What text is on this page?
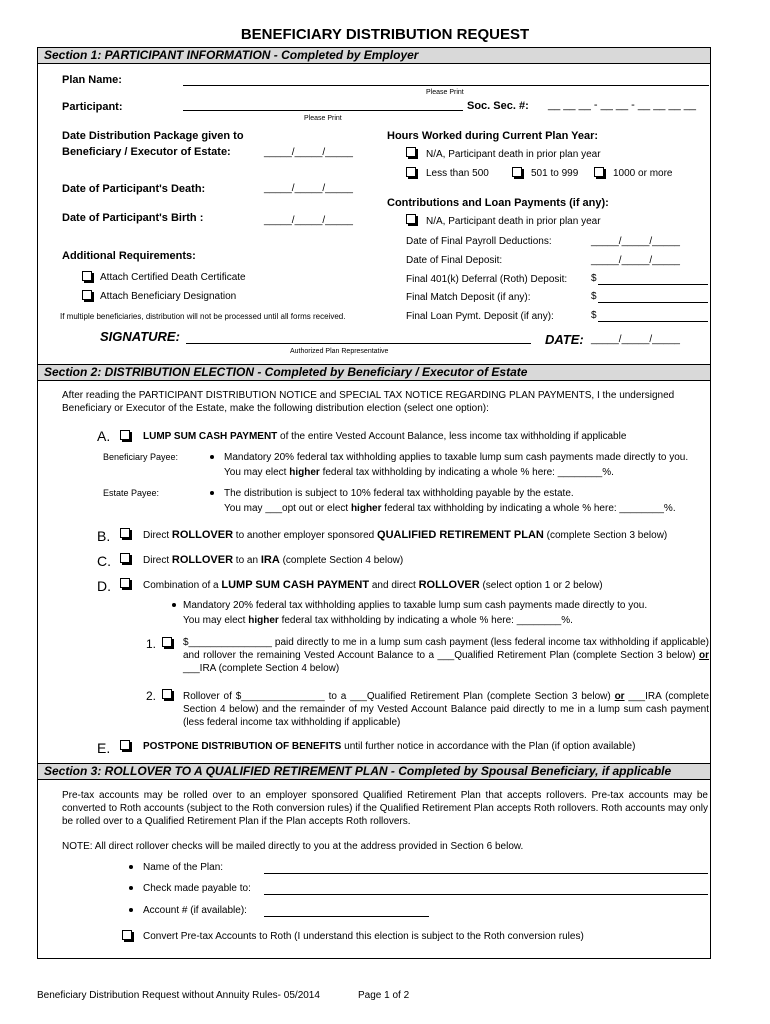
BENEFICIARY DISTRIBUTION REQUEST
Section 1: PARTICIPANT INFORMATION - Completed by Employer
Plan Name:
Please Print
Participant:	Soc. Sec. #: __ __ __ - __ __ - __ __ __ __
Please Print
Date Distribution Package given to
Beneficiary / Executor of Estate:	_____/_____/_____
Date of Participant's Death:	_____/_____/_____
Date of Participant's Birth :	_____/_____/_____
Additional Requirements:
Attach Certified Death Certificate
Attach Beneficiary Designation
If multiple beneficiaries, distribution will not be processed until all forms received.
Hours Worked during Current Plan Year:
N/A, Participant death in prior plan year
Less than 500	501 to 999	1000 or more
Contributions and Loan Payments (if any):
N/A, Participant death in prior plan year
Date of Final Payroll Deductions:	_____/_____/_____
Date of Final Deposit:	_____/_____/_____
Final 401(k) Deferral (Roth) Deposit: $
Final Match Deposit (if any):	$
Final Loan Pymt. Deposit (if any):	$
SIGNATURE:
Authorized Plan Representative
DATE: _____/_____/_____
Section 2: DISTRIBUTION ELECTION - Completed by Beneficiary / Executor of Estate
After reading the PARTICIPANT DISTRIBUTION NOTICE and SPECIAL TAX NOTICE REGARDING PLAN PAYMENTS, I the undersigned Beneficiary or Executor of the Estate, make the following distribution election (select one option):
A.	LUMP SUM CASH PAYMENT of the entire Vested Account Balance, less income tax withholding if applicable
Beneficiary Payee:	Mandatory 20% federal tax withholding applies to taxable lump sum cash payments made directly to you.
You may elect higher federal tax withholding by indicating a whole % here: ________%.
Estate Payee:	The distribution is subject to 10% federal tax withholding payable by the estate.
You may ___opt out or elect higher federal tax withholding by indicating a whole % here: ________%.
B.	Direct ROLLOVER to another employer sponsored QUALIFIED RETIREMENT PLAN (complete Section 3 below)
C.	Direct ROLLOVER to an IRA (complete Section 4 below)
D.	Combination of a LUMP SUM CASH PAYMENT and direct ROLLOVER (select option 1 or 2 below)
Mandatory 20% federal tax withholding applies to taxable lump sum cash payments made directly to you.
You may elect higher federal tax withholding by indicating a whole % here: ________%.
1.	$_______________ paid directly to me in a lump sum cash payment (less federal income tax withholding if applicable) and rollover the remaining Vested Account Balance to a ___Qualified Retirement Plan (complete Section 3 below) or ___IRA (complete Section 4 below)
2.	Rollover of $_______________ to a ___Qualified Retirement Plan (complete Section 3 below) or ___IRA (complete Section 4 below) and the remainder of my Vested Account Balance paid directly to me in a lump sum cash payment (less federal income tax withholding if applicable)
E.	POSTPONE DISTRIBUTION OF BENEFITS until further notice in accordance with the Plan (if option available)
Section 3: ROLLOVER TO A QUALIFIED RETIREMENT PLAN - Completed by Spousal Beneficiary, if applicable
Pre-tax accounts may be rolled over to an employer sponsored Qualified Retirement Plan that accepts rollovers. Pre-tax accounts may be converted to Roth accounts (subject to the Roth conversion rules) if the Qualified Retirement Plan accepts Roth rollovers. Roth accounts may only be rolled over to a Qualified Retirement Plan if the Plan accepts Roth rollovers.
NOTE: All direct rollover checks will be mailed directly to you at the address provided in Section 6 below.
Name of the Plan:
Check made payable to:
Account # (if available):
Convert Pre-tax Accounts to Roth (I understand this election is subject to the Roth conversion rules)
Beneficiary Distribution Request without Annuity Rules- 05/2014	Page 1 of 2
